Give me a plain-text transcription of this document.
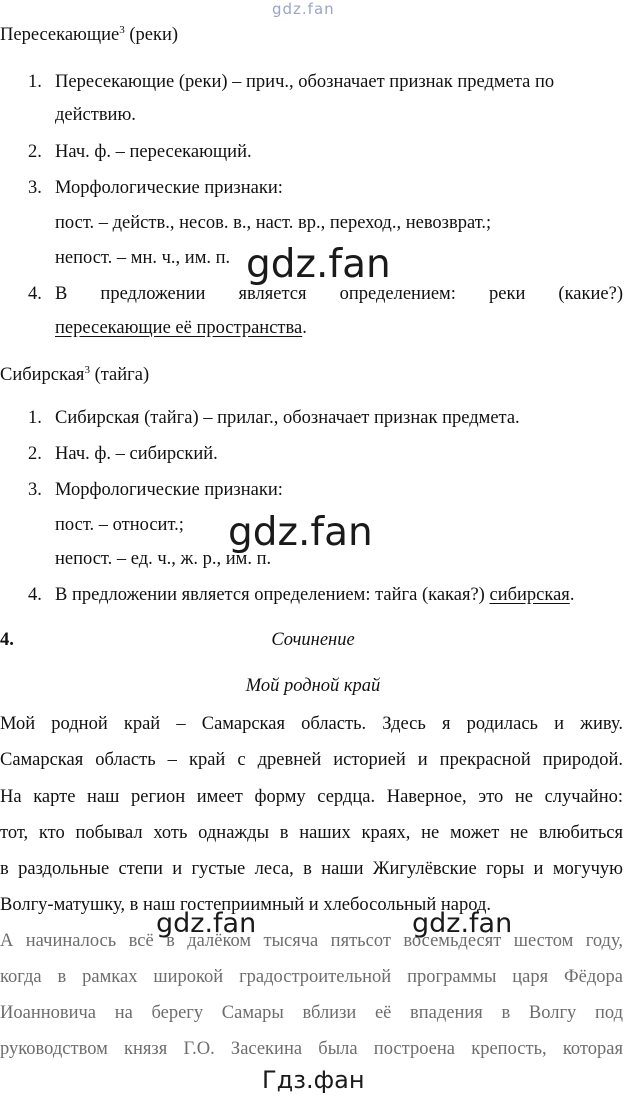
gdz.fan
Пересекающие$^3$ (реки)
1. Пересекающие (реки) – прич., обозначает признак предмета по
действию.
2. Нач. ф. – пересекающий.
3. Морфологические признаки:
пост. – действ., несов. в., наст. вр., переход., невозврат.;
непост. – мн. ч., им. п. gdz.fan
4. В предложении является определением: реки (какие?)
пересекающие её пространства.
Сибирская$^3$ (тайга)
1. Сибирская (тайга) – прилаг., обозначает признак предмета.
2. Нач. ф. – сибирский.
3. Морфологические признаки:
пост. – относит.;
непост. – ед. ч., ж. р., им. п.
gdz.fan
4. В предложении является определением: тайга (какая?) сибирская.
4.	Сочинение
Мой родной край
Мой родной край – Самарская область. Здесь я родилась и живу.
Самарская область – край с древней историей и прекрасной природой.
На карте наш регион имеет форму сердца. Наверное, это не случайно:
тот, кто побывал хоть однажды в наших краях, не может не влюбиться
в раздольные степи и густые леса, в наши Жигулёвские горы и могучую
Волгу-матушку, в наш гостеприимный и хлебосольный народ.
gdz.fan	gdz.fan
А начиналось всё в далёком тысяча пятьсот восемьдесят шестом году,
когда в рамках широкой градостроительной программы царя Фёдора
Иоанновича на берегу Самары вблизи её впадения в Волгу под
руководством князя Г.О. Засекина была построена крепость, которая
Гдз.фан
